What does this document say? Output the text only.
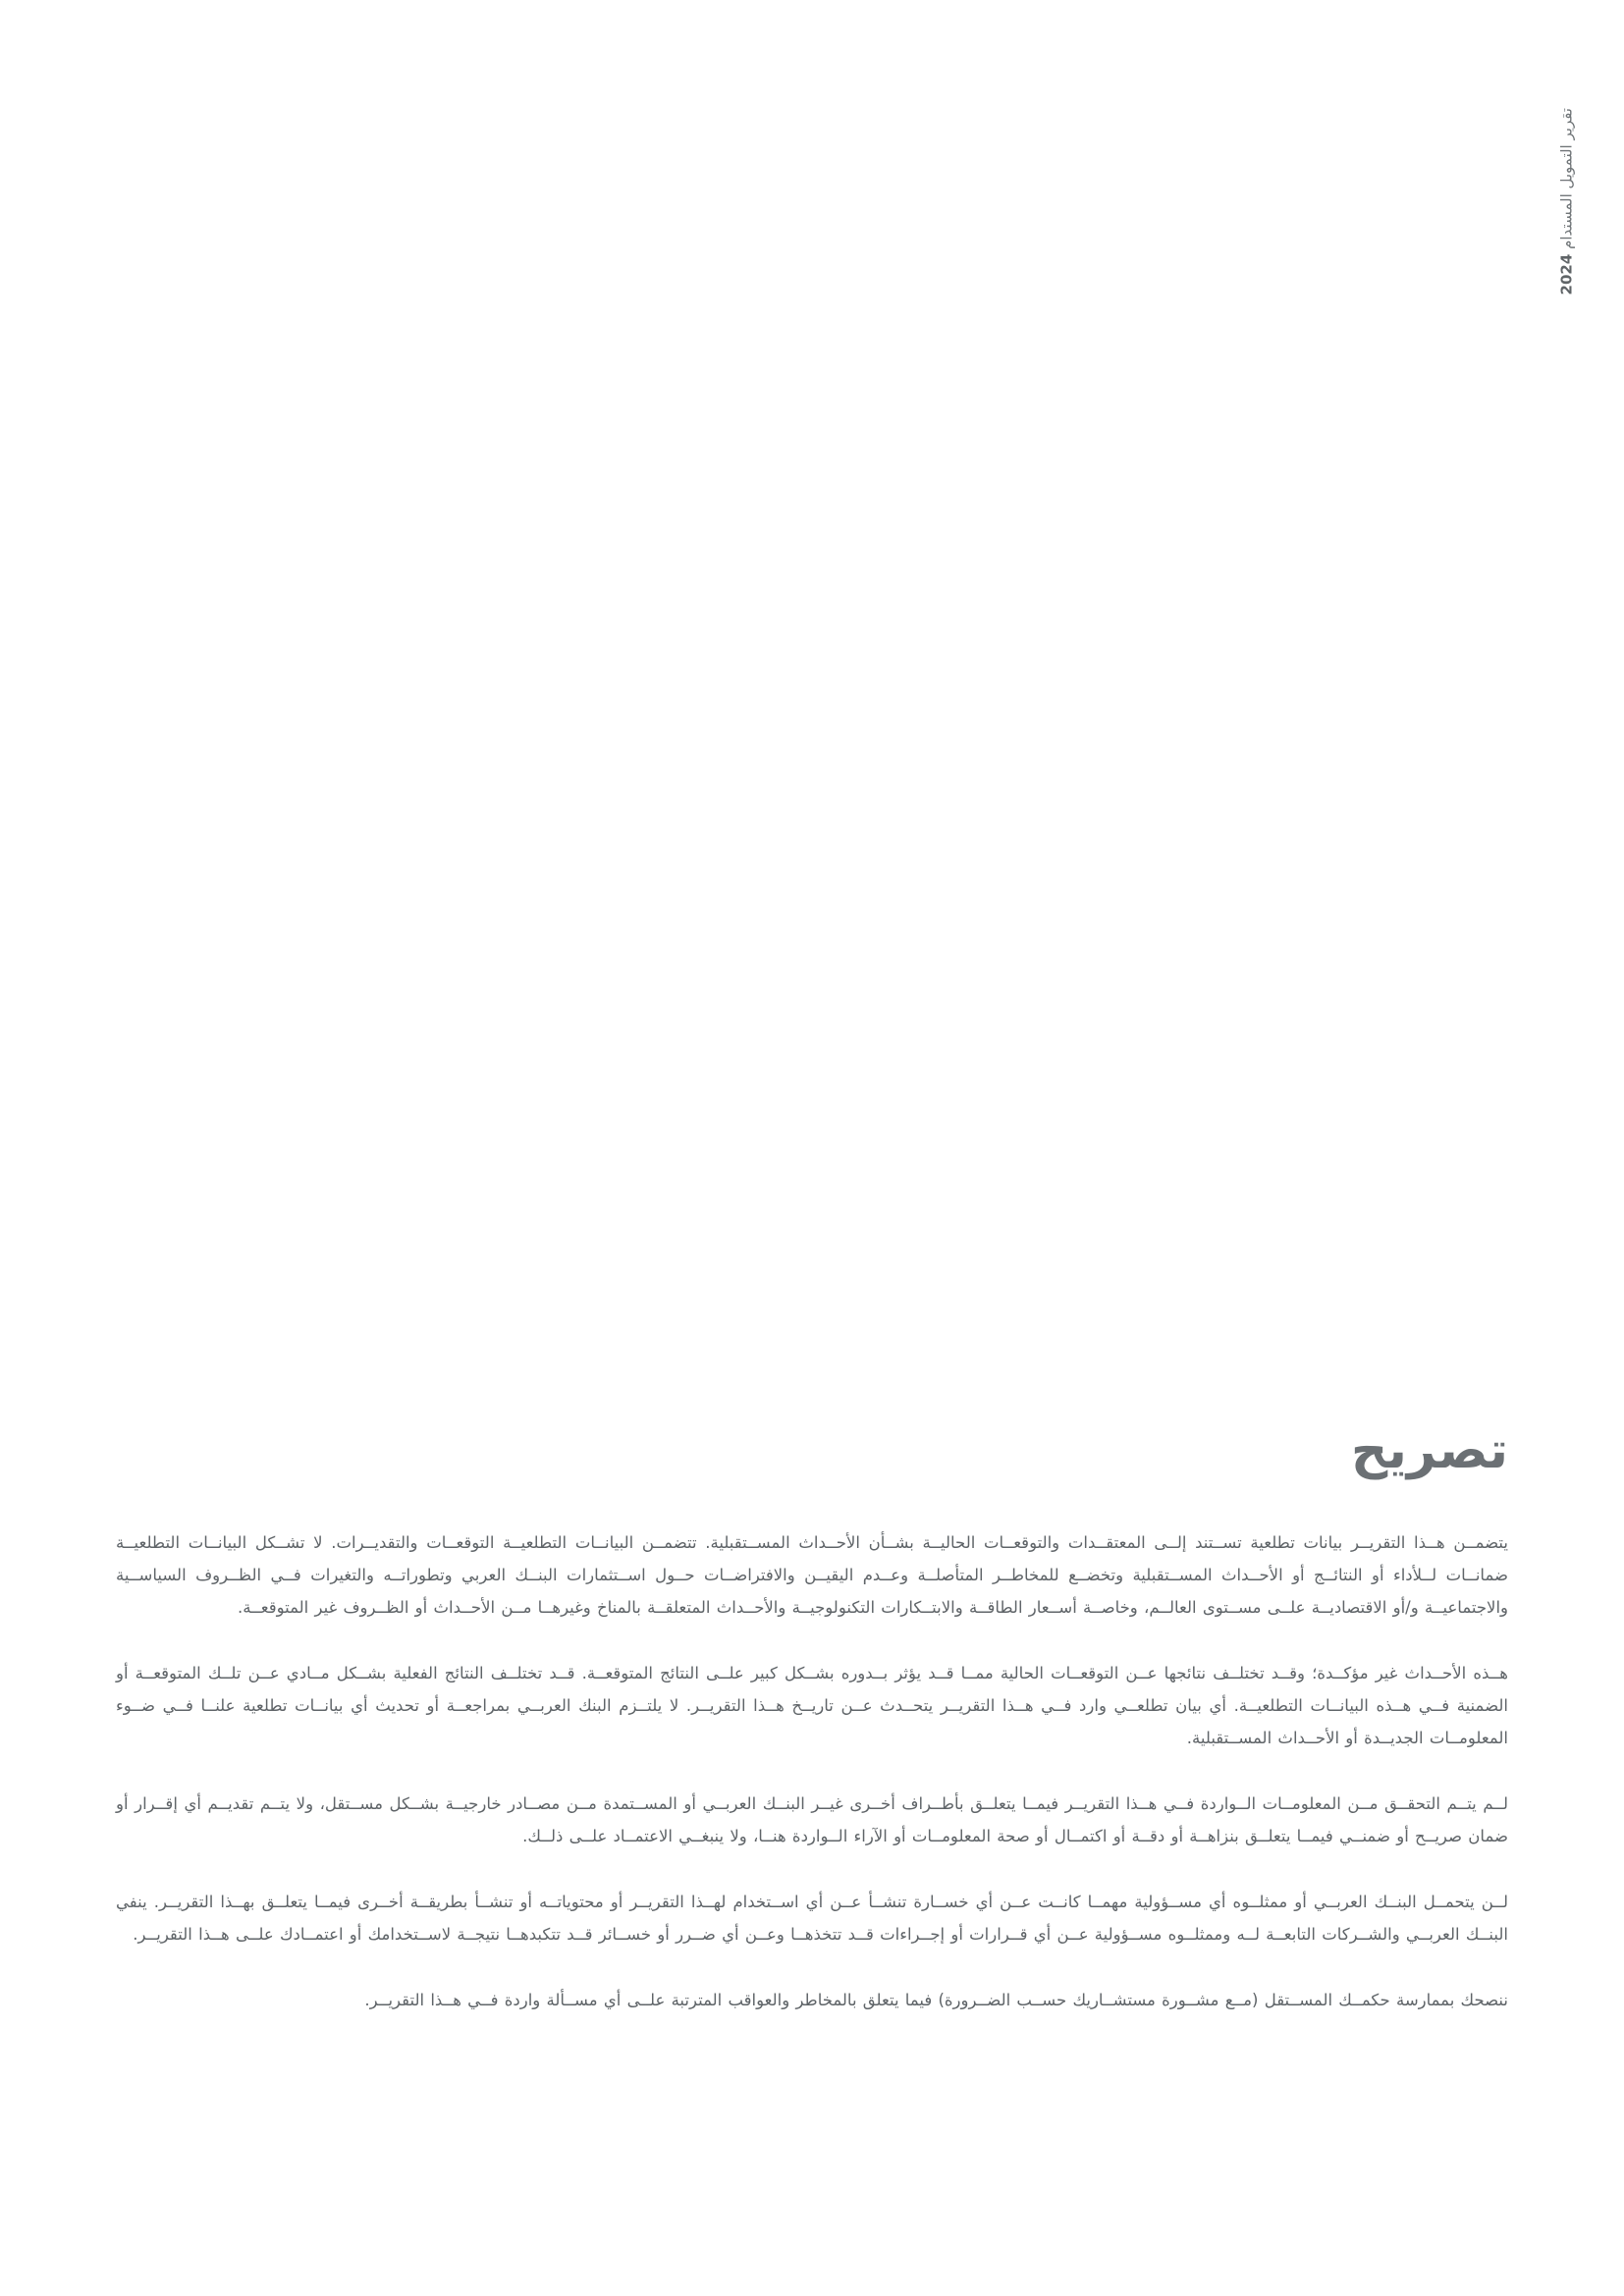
تقرير التمويل المستدام 2024
تصريح

يتضمــن هــذا التقريــر بيانات تطلعية تســتند إلــى المعتقــدات والتوقعــات الحاليــة بشــأن الأحــداث المســتقبلية. تتضمــن البيانــات التطلعيــة التوقعــات والتقديــرات. لا تشــكل البيانــات التطلعيــة ضمانــات لــلأداء أو النتائــج أو الأحــداث المســتقبلية وتخضــع للمخاطــر المتأصلــة وعــدم اليقيــن والافتراضــات حــول اســتثمارات البنــك العربي وتطوراتــه والتغيرات فــي الظــروف السياســية والاجتماعيــة و/أو الاقتصاديــة علــى مســتوى العالــم، وخاصــة أســعار الطاقــة والابتــكارات التكنولوجيــة والأحــداث المتعلقــة بالمناخ وغيرهــا مــن الأحــداث أو الظــروف غير المتوقعــة.

هــذه الأحــداث غير مؤكــدة؛ وقــد تختلــف نتائجها عــن التوقعــات الحالية ممــا قــد يؤثر بــدوره بشــكل كبير علــى النتائج المتوقعــة. قــد تختلــف النتائج الفعلية بشــكل مــادي عــن تلــك المتوقعــة أو الضمنية فــي هــذه البيانــات التطلعيــة. أي بيان تطلعــي وارد فــي هــذا التقريــر يتحــدث عــن تاريــخ هــذا التقريــر. لا يلتــزم البنك العربــي بمراجعــة أو تحديث أي بيانــات تطلعية علنــا فــي ضــوء المعلومــات الجديــدة أو الأحــداث المســتقبلية.

لــم يتــم التحقــق مــن المعلومــات الــواردة فــي هــذا التقريــر فيمــا يتعلــق بأطــراف أخــرى غيــر البنــك العربــي أو المســتمدة مــن مصــادر خارجيــة بشــكل مســتقل، ولا يتــم تقديــم أي إقــرار أو ضمان صريــح أو ضمنــي فيمــا يتعلــق بنزاهــة أو دقــة أو اكتمــال أو صحة المعلومــات أو الآراء الــواردة هنــا، ولا ينبغــي الاعتمــاد علــى ذلــك.

لــن يتحمــل البنــك العربــي أو ممثلــوه أي مســؤولية مهمــا كانــت عــن أي خســارة تنشــأ عــن أي اســتخدام لهــذا التقريــر أو محتوياتــه أو تنشــأ بطريقــة أخــرى فيمــا يتعلــق بهــذا التقريــر. ينفي البنــك العربــي والشــركات التابعــة لــه وممثلــوه مســؤولية عــن أي قــرارات أو إجــراءات قــد تتخذهــا وعــن أي ضــرر أو خســائر قــد تتكبدهــا نتيجــة لاســتخدامك أو اعتمــادك علــى هــذا التقريــر.

ننصحك بممارسة حكمــك المســتقل (مــع مشــورة مستشــاريك حســب الضــرورة) فيما يتعلق بالمخاطر والعواقب المترتبة علــى أي مســألة واردة فــي هــذا التقريــر.
